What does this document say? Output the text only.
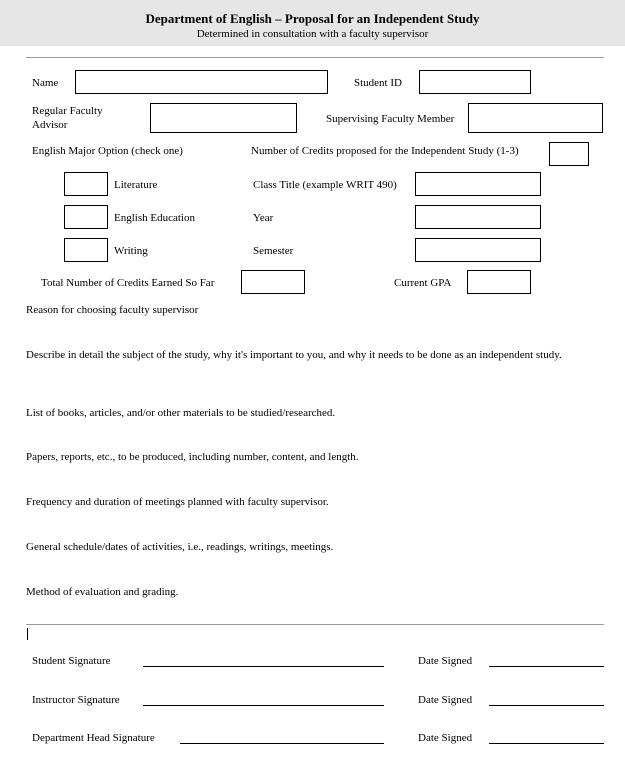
Department of English – Proposal for an Independent Study
Determined in consultation with a faculty supervisor
Name	Student ID
Regular Faculty Advisor	Supervising Faculty Member
English Major Option (check one)	Number of Credits proposed for the Independent Study (1-3)
Literature	Class Title (example WRIT 490)
English Education	Year
Writing	Semester
Total Number of Credits Earned So Far	Current GPA
Reason for choosing faculty supervisor
Describe in detail the subject of the study, why it's important to you, and why it needs to be done as an independent study.
List of books, articles, and/or other materials to be studied/researched.
Papers, reports, etc., to be produced, including number, content, and length.
Frequency and duration of meetings planned with faculty supervisor.
General schedule/dates of activities, i.e., readings, writings, meetings.
Method of evaluation and grading.
Student Signature	Date Signed
Instructor Signature	Date Signed
Department Head Signature	Date Signed
